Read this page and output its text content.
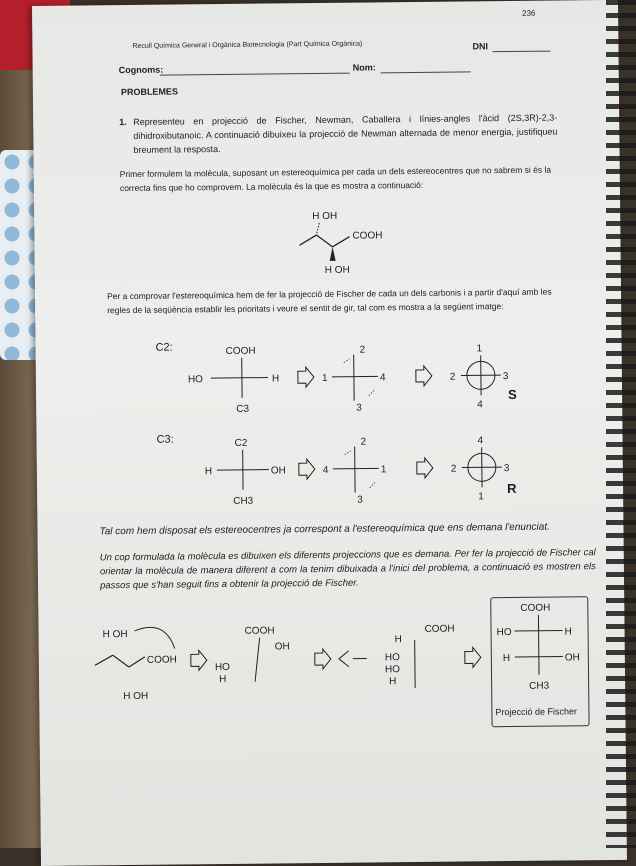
236
Recull Química General i Orgànica Biotecnologia (Part Química Orgànica)	DNI
Cognoms:	Nom:
PROBLEMES
1. Representeu en projecció de Fischer, Newman, Caballera i línies-angles l'àcid (2S,3R)-2,3-dihidroxibutanoic. A continuació dibuixeu la projecció de Newman alternada de menor energia, justifiqueu breument la resposta.
Primer formulem la molècula, suposant un estereoquímica per cada un dels estereocentres que no sabrem si és la correcta fins que ho comprovem. La molècula és la que es mostra a continuació:
H OH
COOH
H OH
Per a comprovar l'estereoquímica hem de fer la projecció de Fischer de cada un dels carbonis i a partir d'aquí amb les regles de la seqüència establir les prioritats i veure el sentit de gir, tal com es mostra a la següent imatge:
C2:	COOH
HO	H
C3
2
1	4
3
1
2	3
4
S
C3:	C2
H	OH
CH3
2
4	1
3
4
2	3
1
R
Tal com hem disposat els estereocentres ja correspont a l'estereoquímica que ens demana l'enunciat.
Un cop formulada la molècula es dibuixen els diferents projeccions que es demana. Per fer la projecció de Fischer cal orientar la molècula de manera diferent a com la tenim dibuixada a l'inici del problema, a continuació es mostren els passos que s'han seguit fins a obtenir la projecció de Fischer.
H OH
COOH
H OH
COOH
OH
HO
H
H
COOH
HO
HO
H
COOH
HO	H
H	OH
CH3
Projecció de Fischer
